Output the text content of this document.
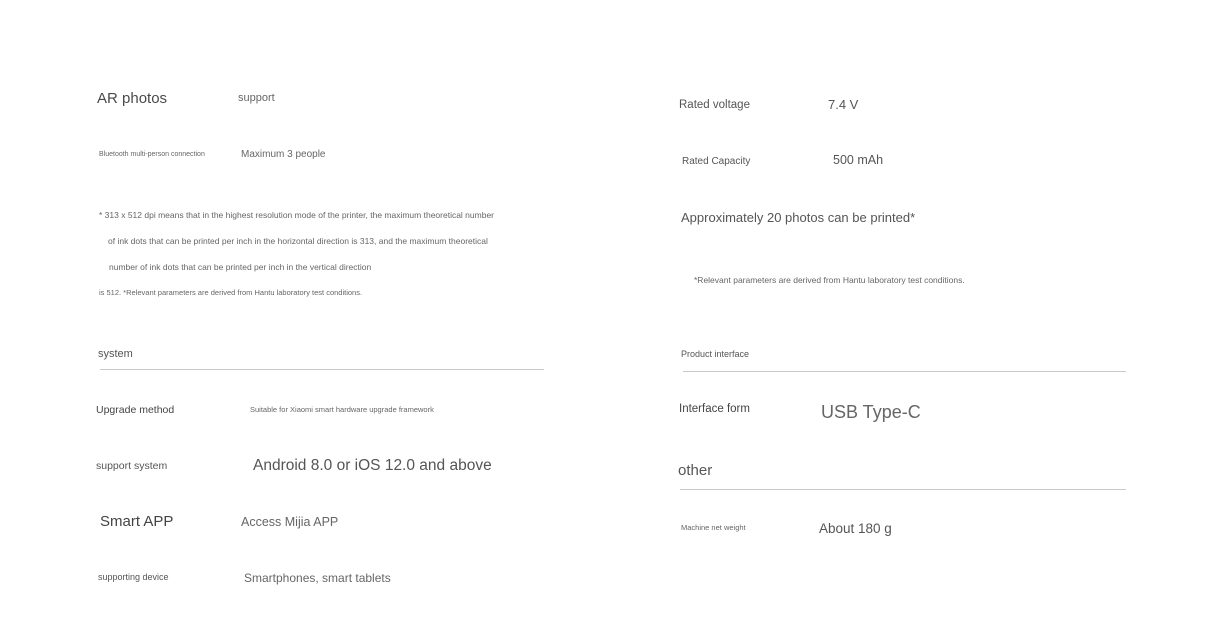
AR photos	support
Bluetooth multi-person connection	Maximum 3 people
* 313 x 512 dpi means that in the highest resolution mode of the printer, the maximum theoretical number
of ink dots that can be printed per inch in the horizontal direction is 313, and the maximum theoretical
number of ink dots that can be printed per inch in the vertical direction
is 512. *Relevant parameters are derived from Hantu laboratory test conditions.
system
Upgrade method	Suitable for Xiaomi smart hardware upgrade framework
support system	Android 8.0 or iOS 12.0 and above
Smart APP	Access Mijia APP
supporting device	Smartphones, smart tablets
Rated voltage	7.4 V
Rated Capacity	500 mAh
Approximately 20 photos can be printed*
*Relevant parameters are derived from Hantu laboratory test conditions.
Product interface
Interface form	USB Type-C
other
Machine net weight	About 180 g
